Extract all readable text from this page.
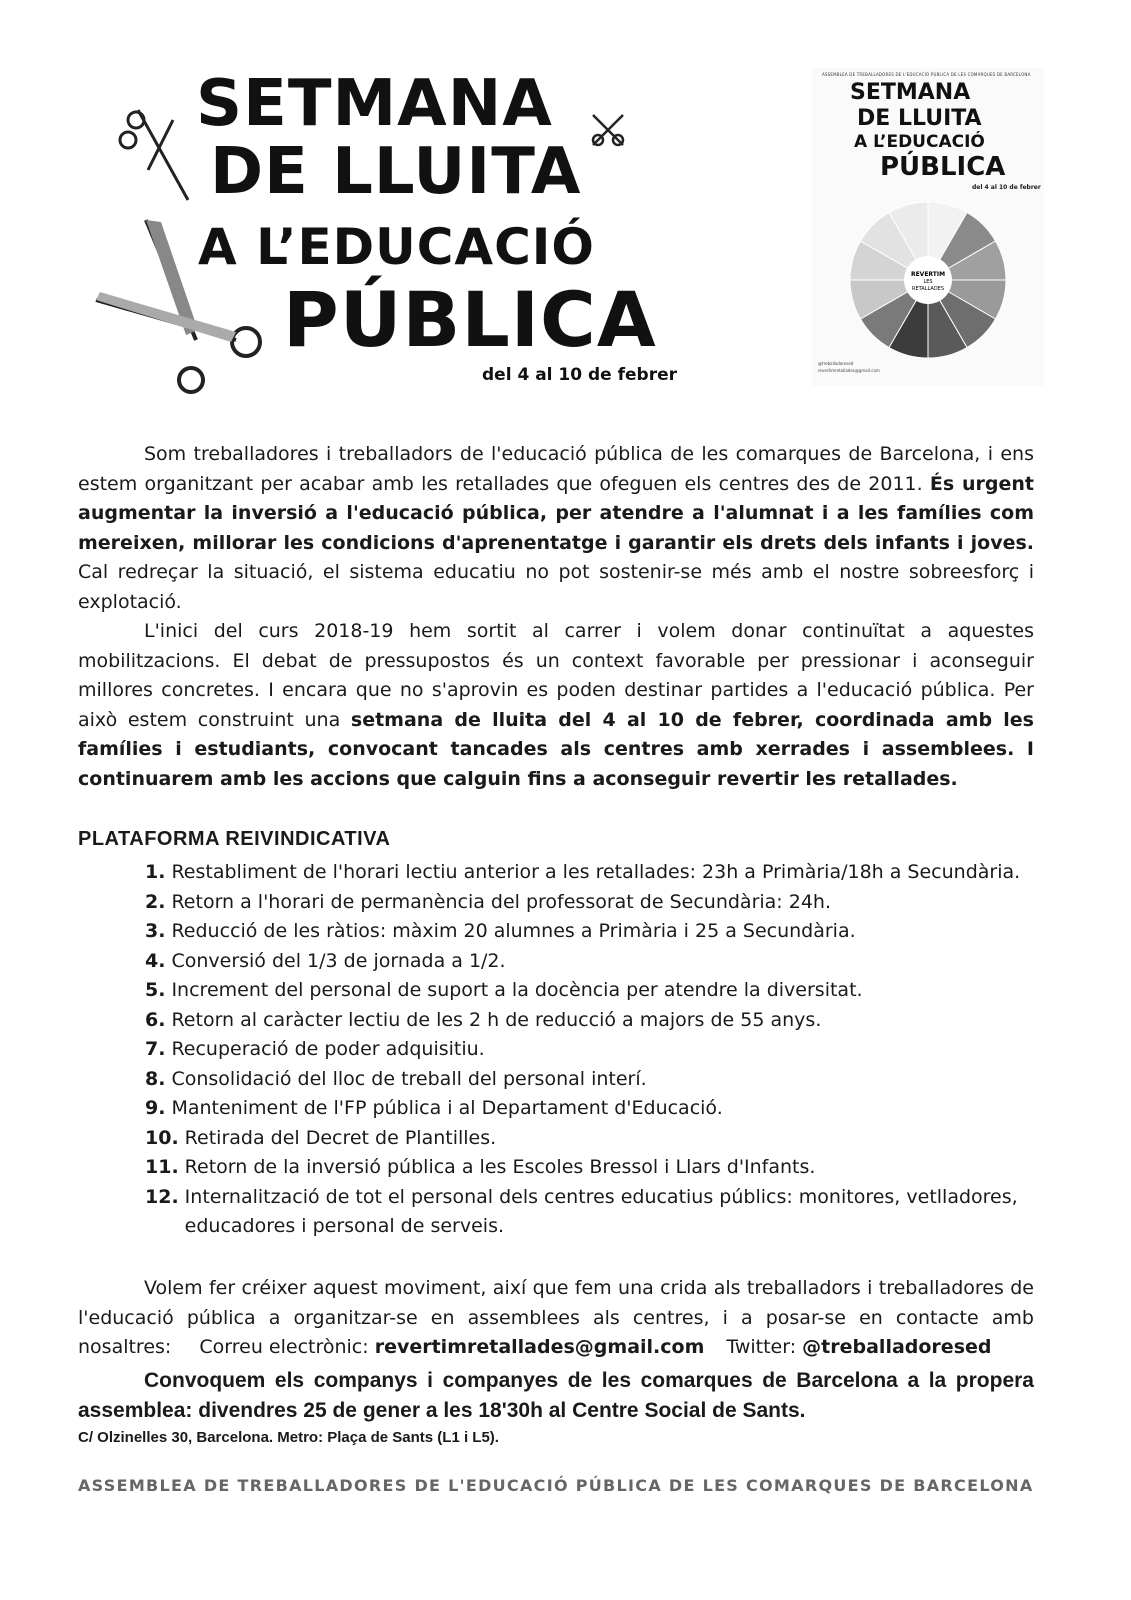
SETMANA
DE LLUITA
A L’EDUCACIÓ
PÚBLICA
del 4 al 10 de febrer
ASSEMBLEA DE TREBALLADORES DE L'EDUCACIÓ PÚBLICA DE LES COMARQUES DE BARCELONA
SETMANA
DE LLUITA
A L’EDUCACIÓ
PÚBLICA
del 4 al 10 de febrer
REVERTIM
LES
RETALLADES
@treballadoresed
revertimretallades@gmail.com

Som treballadores i treballadors de l'educació pública de les comarques de Barcelona, i ens estem organitzant per acabar amb les retallades que ofeguen els centres des de 2011. És urgent augmentar la inversió a l'educació pública, per atendre a l'alumnat i a les famílies com mereixen, millorar les condicions d'aprenentatge i garantir els drets dels infants i joves. Cal redreçar la situació, el sistema educatiu no pot sostenir-se més amb el nostre sobreesforç i explotació.

L'inici del curs 2018-19 hem sortit al carrer i volem donar continuïtat a aquestes mobilitzacions. El debat de pressupostos és un context favorable per pressionar i aconseguir millores concretes. I encara que no s'aprovin es poden destinar partides a l'educació pública. Per això estem construint una setmana de lluita del 4 al 10 de febrer, coordinada amb les famílies i estudiants, convocant tancades als centres amb xerrades i assemblees. I continuarem amb les accions que calguin fins a aconseguir revertir les retallades.

PLATAFORMA REIVINDICATIVA
1. Restabliment de l'horari lectiu anterior a les retallades: 23h a Primària/18h a Secundària.
2. Retorn a l'horari de permanència del professorat de Secundària: 24h.
3. Reducció de les ràtios: màxim 20 alumnes a Primària i 25 a Secundària.
4. Conversió del 1/3 de jornada a 1/2.
5. Increment del personal de suport a la docència per atendre la diversitat.
6. Retorn al caràcter lectiu de les 2 h de reducció a majors de 55 anys.
7. Recuperació de poder adquisitiu.
8. Consolidació del lloc de treball del personal interí.
9. Manteniment de l'FP pública i al Departament d'Educació.
10. Retirada del Decret de Plantilles.
11. Retorn de la inversió pública a les Escoles Bressol i Llars d'Infants.
12. Internalització de tot el personal dels centres educatius públics: monitores, vetlladores, educadores i personal de serveis.

Volem fer créixer aquest moviment, així que fem una crida als treballadors i treballadores de l'educació pública a organitzar-se en assemblees als centres, i a posar-se en contacte amb nosaltres: Correu electrònic: revertimretallades@gmail.com Twitter: @treballadoresed

Convoquem els companys i companyes de les comarques de Barcelona a la propera assemblea: divendres 25 de gener a les 18'30h al Centre Social de Sants.

C/ Olzinelles 30, Barcelona. Metro: Plaça de Sants (L1 i L5).
ASSEMBLEA DE TREBALLADORES DE L'EDUCACIÓ PÚBLICA DE LES COMARQUES DE BARCELONA
